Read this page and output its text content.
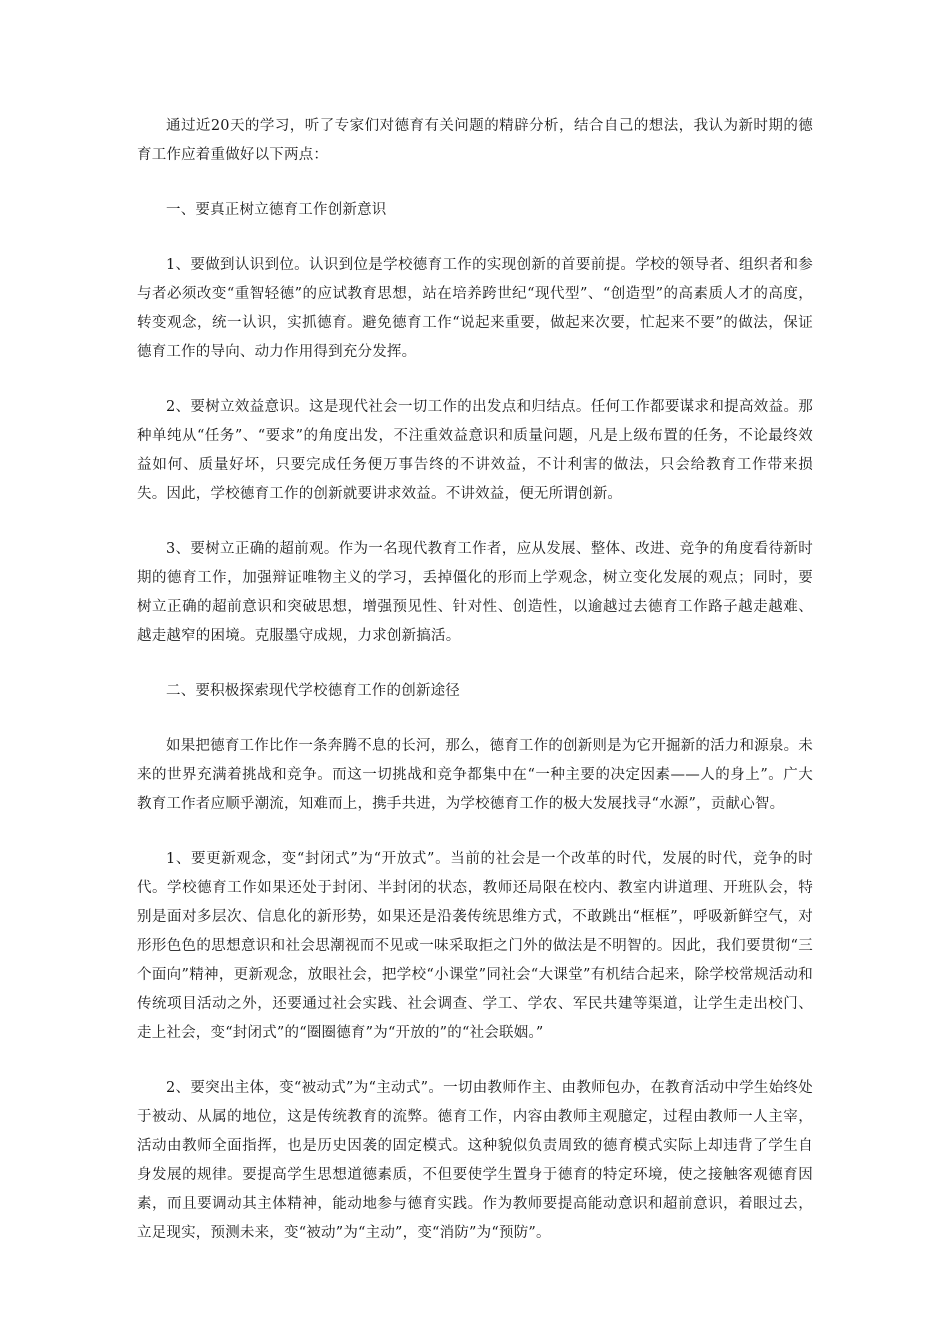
通过近20天的学习，听了专家们对德育有关问题的精辟分析，结合自己的想法，我认为新时期的德育工作应着重做好以下两点：

一、要真正树立德育工作创新意识

1、要做到认识到位。认识到位是学校德育工作的实现创新的首要前提。学校的领导者、组织者和参与者必须改变“重智轻德”的应试教育思想，站在培养跨世纪“现代型”、“创造型”的高素质人才的高度，转变观念，统一认识，实抓德育。避免德育工作“说起来重要，做起来次要，忙起来不要”的做法，保证德育工作的导向、动力作用得到充分发挥。

2、要树立效益意识。这是现代社会一切工作的出发点和归结点。任何工作都要谋求和提高效益。那种单纯从“任务”、“要求”的角度出发，不注重效益意识和质量问题，凡是上级布置的任务，不论最终效益如何、质量好坏，只要完成任务便万事告终的不讲效益，不计利害的做法，只会给教育工作带来损失。因此，学校德育工作的创新就要讲求效益。不讲效益，便无所谓创新。

3、要树立正确的超前观。作为一名现代教育工作者，应从发展、整体、改进、竞争的角度看待新时期的德育工作，加强辩证唯物主义的学习，丢掉僵化的形而上学观念，树立变化发展的观点；同时，要树立正确的超前意识和突破思想，增强预见性、针对性、创造性，以逾越过去德育工作路子越走越难、越走越窄的困境。克服墨守成规，力求创新搞活。

二、要积极探索现代学校德育工作的创新途径

如果把德育工作比作一条奔腾不息的长河，那么，德育工作的创新则是为它开掘新的活力和源泉。未来的世界充满着挑战和竞争。而这一切挑战和竞争都集中在“一种主要的决定因素——人的身上”。广大教育工作者应顺乎潮流，知难而上，携手共进，为学校德育工作的极大发展找寻“水源”，贡献心智。

1、要更新观念，变“封闭式”为“开放式”。当前的社会是一个改革的时代，发展的时代，竞争的时代。学校德育工作如果还处于封闭、半封闭的状态，教师还局限在校内、教室内讲道理、开班队会，特别是面对多层次、信息化的新形势，如果还是沿袭传统思维方式，不敢跳出“框框”，呼吸新鲜空气，对形形色色的思想意识和社会思潮视而不见或一味采取拒之门外的做法是不明智的。因此，我们要贯彻“三个面向”精神，更新观念，放眼社会，把学校“小课堂”同社会“大课堂”有机结合起来，除学校常规活动和传统项目活动之外，还要通过社会实践、社会调查、学工、学农、军民共建等渠道，让学生走出校门、走上社会，变“封闭式”的“圈圈德育”为“开放的”的“社会联姻。”

2、要突出主体，变“被动式”为“主动式”。一切由教师作主、由教师包办，在教育活动中学生始终处于被动、从属的地位，这是传统教育的流弊。德育工作，内容由教师主观臆定，过程由教师一人主宰，活动由教师全面指挥，也是历史因袭的固定模式。这种貌似负责周致的德育模式实际上却违背了学生自身发展的规律。要提高学生思想道德素质，不但要使学生置身于德育的特定环境，使之接触客观德育因素，而且要调动其主体精神，能动地参与德育实践。作为教师要提高能动意识和超前意识，着眼过去，立足现实，预测未来，变“被动”为“主动”，变“消防”为“预防”。
